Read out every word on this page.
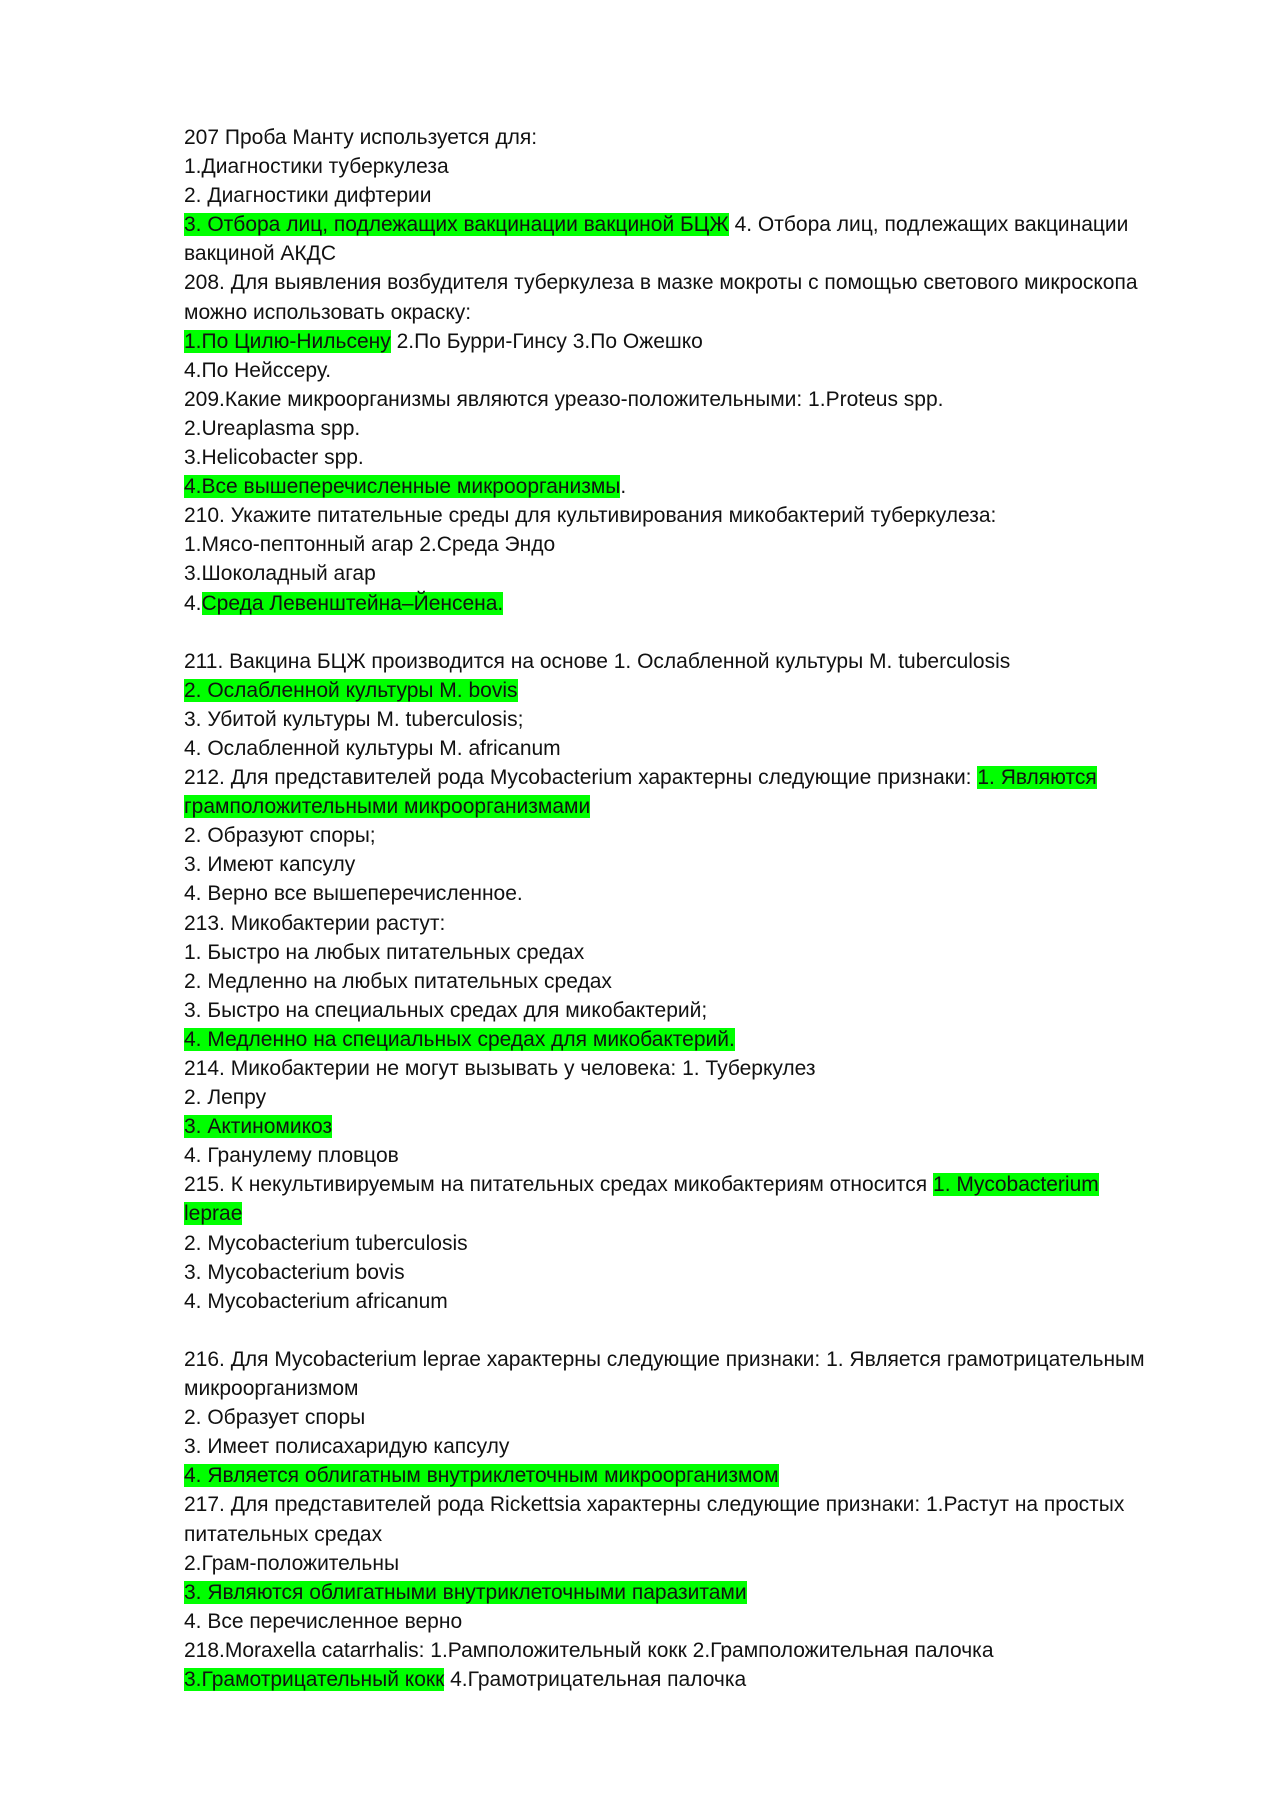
207 Проба Манту используется для:
1.Диагностики туберкулеза
2. Диагностики дифтерии
3. Отбора лиц, подлежащих вакцинации вакциной БЦЖ 4. Отбора лиц, подлежащих вакцинации
вакциной АКДС
208. Для выявления возбудителя туберкулеза в мазке мокроты с помощью светового микроскопа
можно использовать окраску:
1.По Цилю-Нильсену 2.По Бурри-Гинсу 3.По Ожешко
4.По Нейссеру.
209.Какие микроорганизмы являются уреазо-положительными: 1.Proteus spp.
2.Ureaplasma spp.
3.Helicobacter spp.
4.Все вышеперечисленные микроорганизмы.
210. Укажите питательные среды для культивирования микобактерий туберкулеза:
1.Мясо-пептонный агар 2.Среда Эндо
3.Шоколадный агар
4.Среда Левенштейна–Йенсена.
211. Вакцина БЦЖ производится на основе 1. Ослабленной культуры M. tuberculosis
2. Ослабленной культуры M. bovis
3. Убитой культуры M. tuberculosis;
4. Ослабленной культуры M. africanum
212. Для представителей рода Mycobacterium характерны следующие признаки: 1. Являются
грамположительными микроорганизмами
2. Образуют споры;
3. Имеют капсулу
4. Верно все вышеперечисленное.
213. Микобактерии растут:
1. Быстро на любых питательных средах
2. Медленно на любых питательных средах
3. Быстро на специальных средах для микобактерий;
4. Медленно на специальных средах для микобактерий.
214. Микобактерии не могут вызывать у человека: 1. Туберкулез
2. Лепру
3. Актиномикоз
4. Гранулему пловцов
215. К некультивируемым на питательных средах микобактериям относится 1. Mycobacterium
leprae
2. Mycobacterium tuberculosis
3. Mycobacterium bovis
4. Mycobacterium africanum
216. Для Mycobacterium leprae характерны следующие признаки: 1. Является грамотрицательным
микроорганизмом
2. Образует споры
3. Имеет полисахаридую капсулу
4. Является облигатным внутриклеточным микроорганизмом
217. Для представителей рода Rickettsia характерны следующие признаки: 1.Растут на простых
питательных средах
2.Грам-положительны
3. Являются облигатными внутриклеточными паразитами
4. Все перечисленное верно
218.Moraxella catarrhalis: 1.Рамположительный кокк 2.Грамположительная палочка
3.Грамотрицательный кокк 4.Грамотрицательная палочка
